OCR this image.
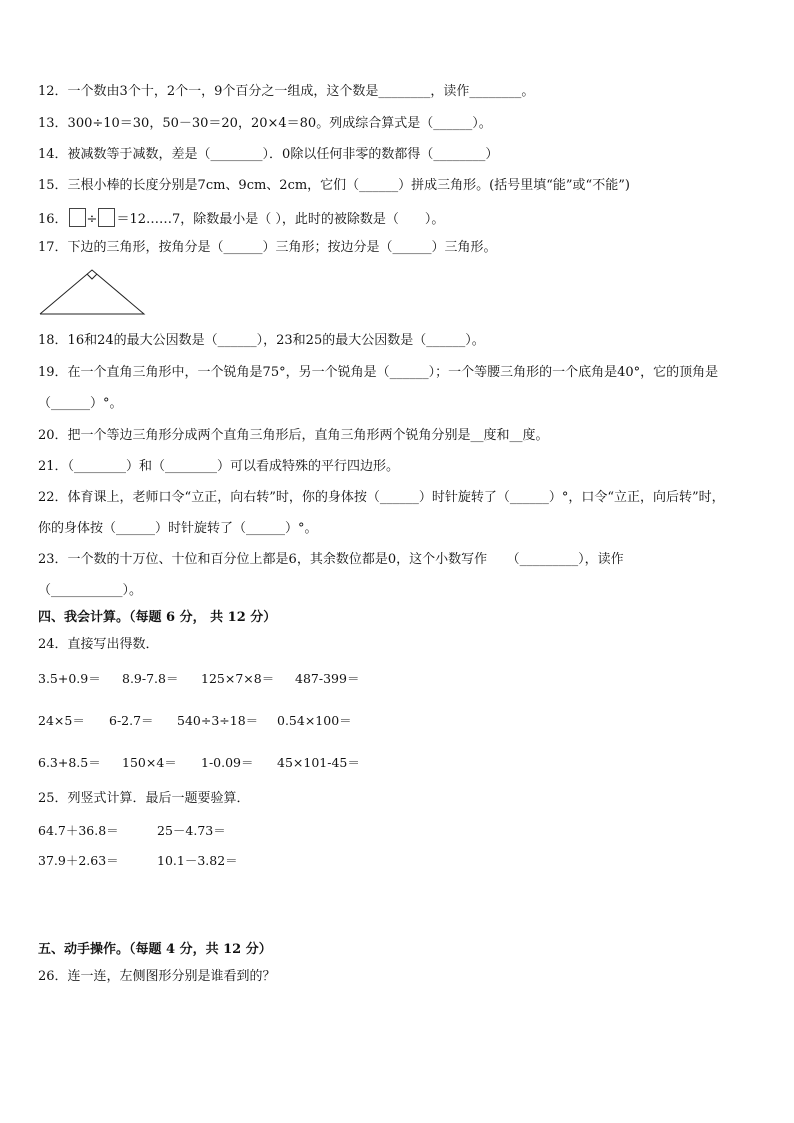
12．一个数由3个十，2个一，9个百分之一组成，这个数是________，读作________。
13．300÷10＝30，50－30＝20，20×4＝80。列成综合算式是（______）。
14．被减数等于减数，差是（________）．0除以任何非零的数都得（________）
15．三根小棒的长度分别是7cm、9cm、2cm，它们（______）拼成三角形。(括号里填“能”或“不能”)
16． ÷ ＝12……7，除数最小是（ ），此时的被除数是（　　）。
17．下边的三角形，按角分是（______）三角形；按边分是（______）三角形。
18．16和24的最大公因数是（______），23和25的最大公因数是（______）。
19．在一个直角三角形中，一个锐角是75°，另一个锐角是（______）；一个等腰三角形的一个底角是40°，它的顶角是
（______）°。
20．把一个等边三角形分成两个直角三角形后，直角三角形两个锐角分别是__度和__度。
21．（________）和（________）可以看成特殊的平行四边形。
22．体育课上，老师口令“立正，向右转”时，你的身体按（______）时针旋转了（______）°，口令“立正，向后转”时，
你的身体按（______）时针旋转了（______）°。
23．一个数的十万位、十位和百分位上都是6，其余数位都是0，这个小数写作　　（_________），读作
（___________）。
四、我会计算。（每题 6 分， 共 12 分）
24．直接写出得数．
3.5+0.9＝ 8.9-7.8＝ 125×7×8＝ 487-399＝
24×5＝ 6-2.7＝ 540÷3÷18＝ 0.54×100＝
6.3+8.5＝ 150×4＝ 1-0.09＝ 45×101-45＝
25．列竖式计算．最后一题要验算．
64.7＋36.8＝	25－4.73＝
37.9＋2.63＝	10.1－3.82＝
五、动手操作。（每题 4 分，共 12 分）
26．连一连，左侧图形分别是谁看到的？
